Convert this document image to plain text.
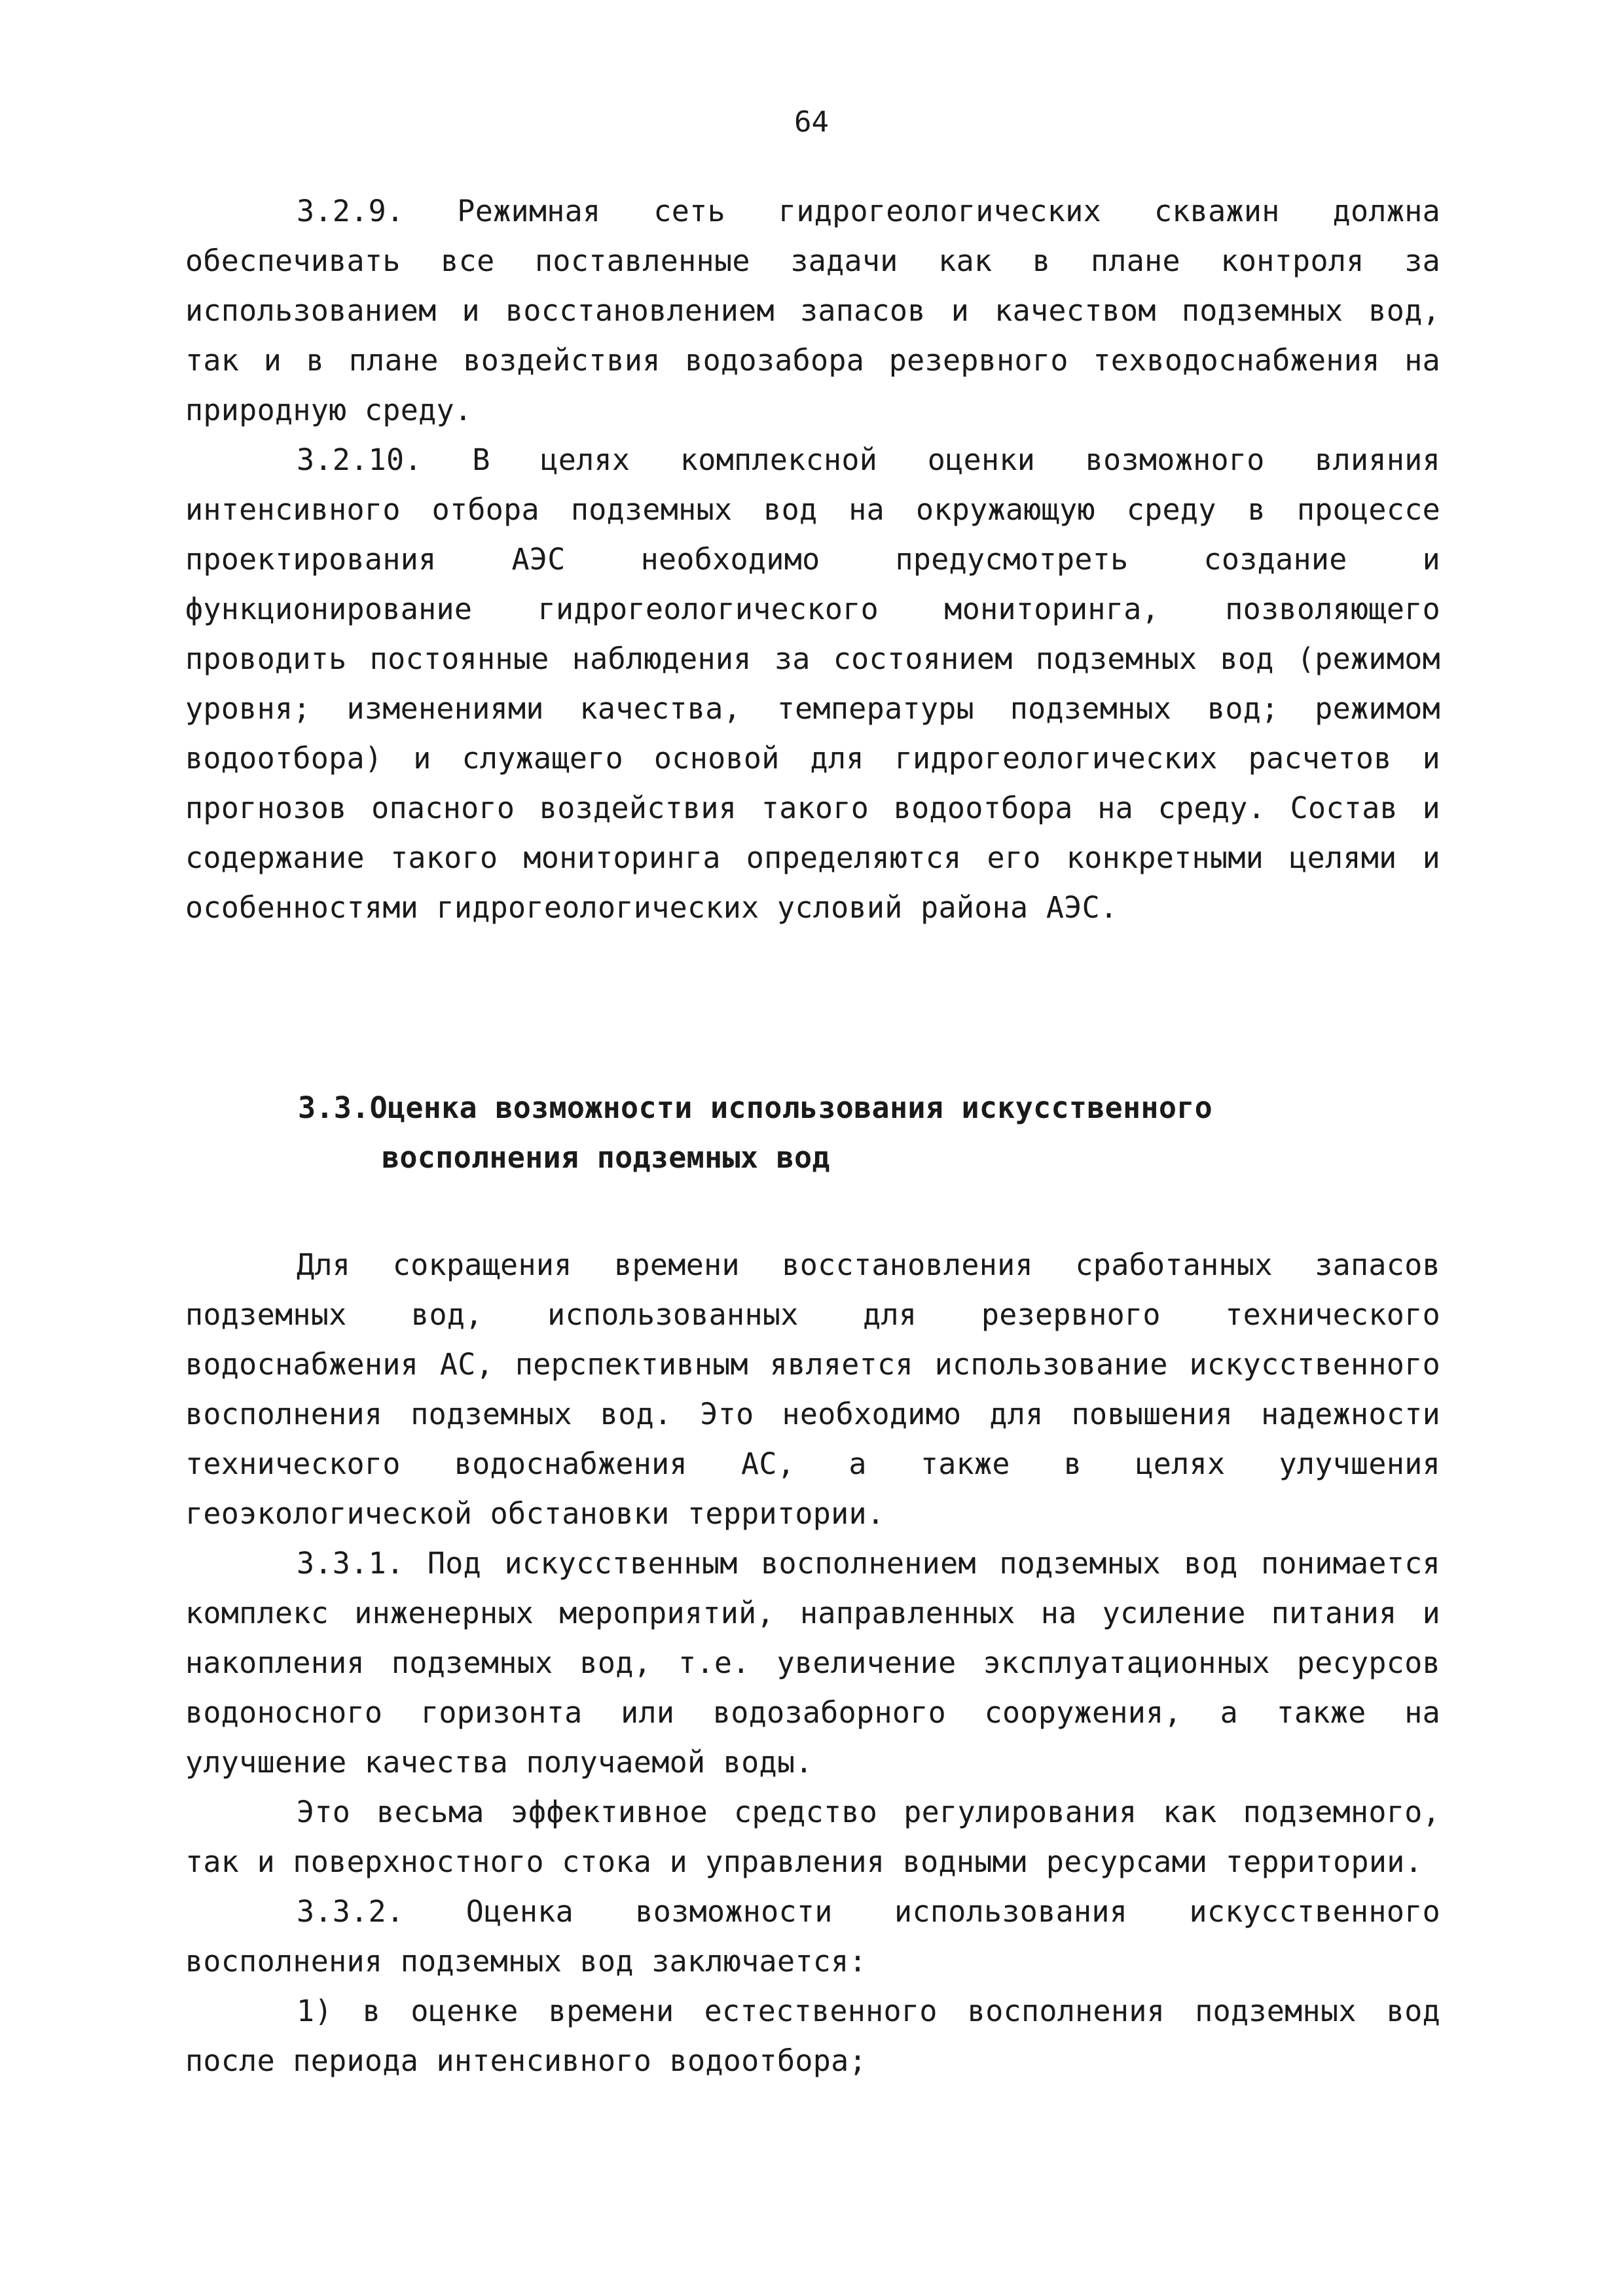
64

3.2.9. Режимная сеть гидрогеологических скважин должна обеспечивать все поставленные задачи как в плане контроля за использованием и восстановлением запасов и качеством подземных вод, так и в плане воздействия водозабора резервного техводоснабжения на природную среду.

3.2.10. В целях комплексной оценки возможного влияния интенсивного отбора подземных вод на окружающую среду в процессе проектирования АЭС необходимо предусмотреть создание и функционирование гидрогеологического мониторинга, позволяющего проводить постоянные наблюдения за состоянием подземных вод (режимом уровня; изменениями качества, температуры подземных вод; режимом водоотбора) и служащего основой для гидрогеологических расчетов и прогнозов опасного воздействия такого водоотбора на среду. Состав и содержание такого мониторинга определяются его конкретными целями и особенностями гидрогеологических условий района АЭС.

3.3.Оценка возможности использования искусственного
восполнения подземных вод

Для сокращения времени восстановления сработанных запасов подземных вод, использованных для резервного технического водоснабжения АС, перспективным является использование искусственного восполнения подземных вод. Это необходимо для повышения надежности технического водоснабжения АС, а также в целях улучшения геоэкологической обстановки территории.

3.3.1. Под искусственным восполнением подземных вод понимается комплекс инженерных мероприятий, направленных на усиление питания и накопления подземных вод, т.е. увеличение эксплуатационных ресурсов водоносного горизонта или водозаборного сооружения, а также на улучшение качества получаемой воды.

Это весьма эффективное средство регулирования как подземного, так и поверхностного стока и управления водными ресурсами территории.

3.3.2. Оценка возможности использования искусственного восполнения подземных вод заключается:

1) в оценке времени естественного восполнения подземных вод после периода интенсивного водоотбора;
